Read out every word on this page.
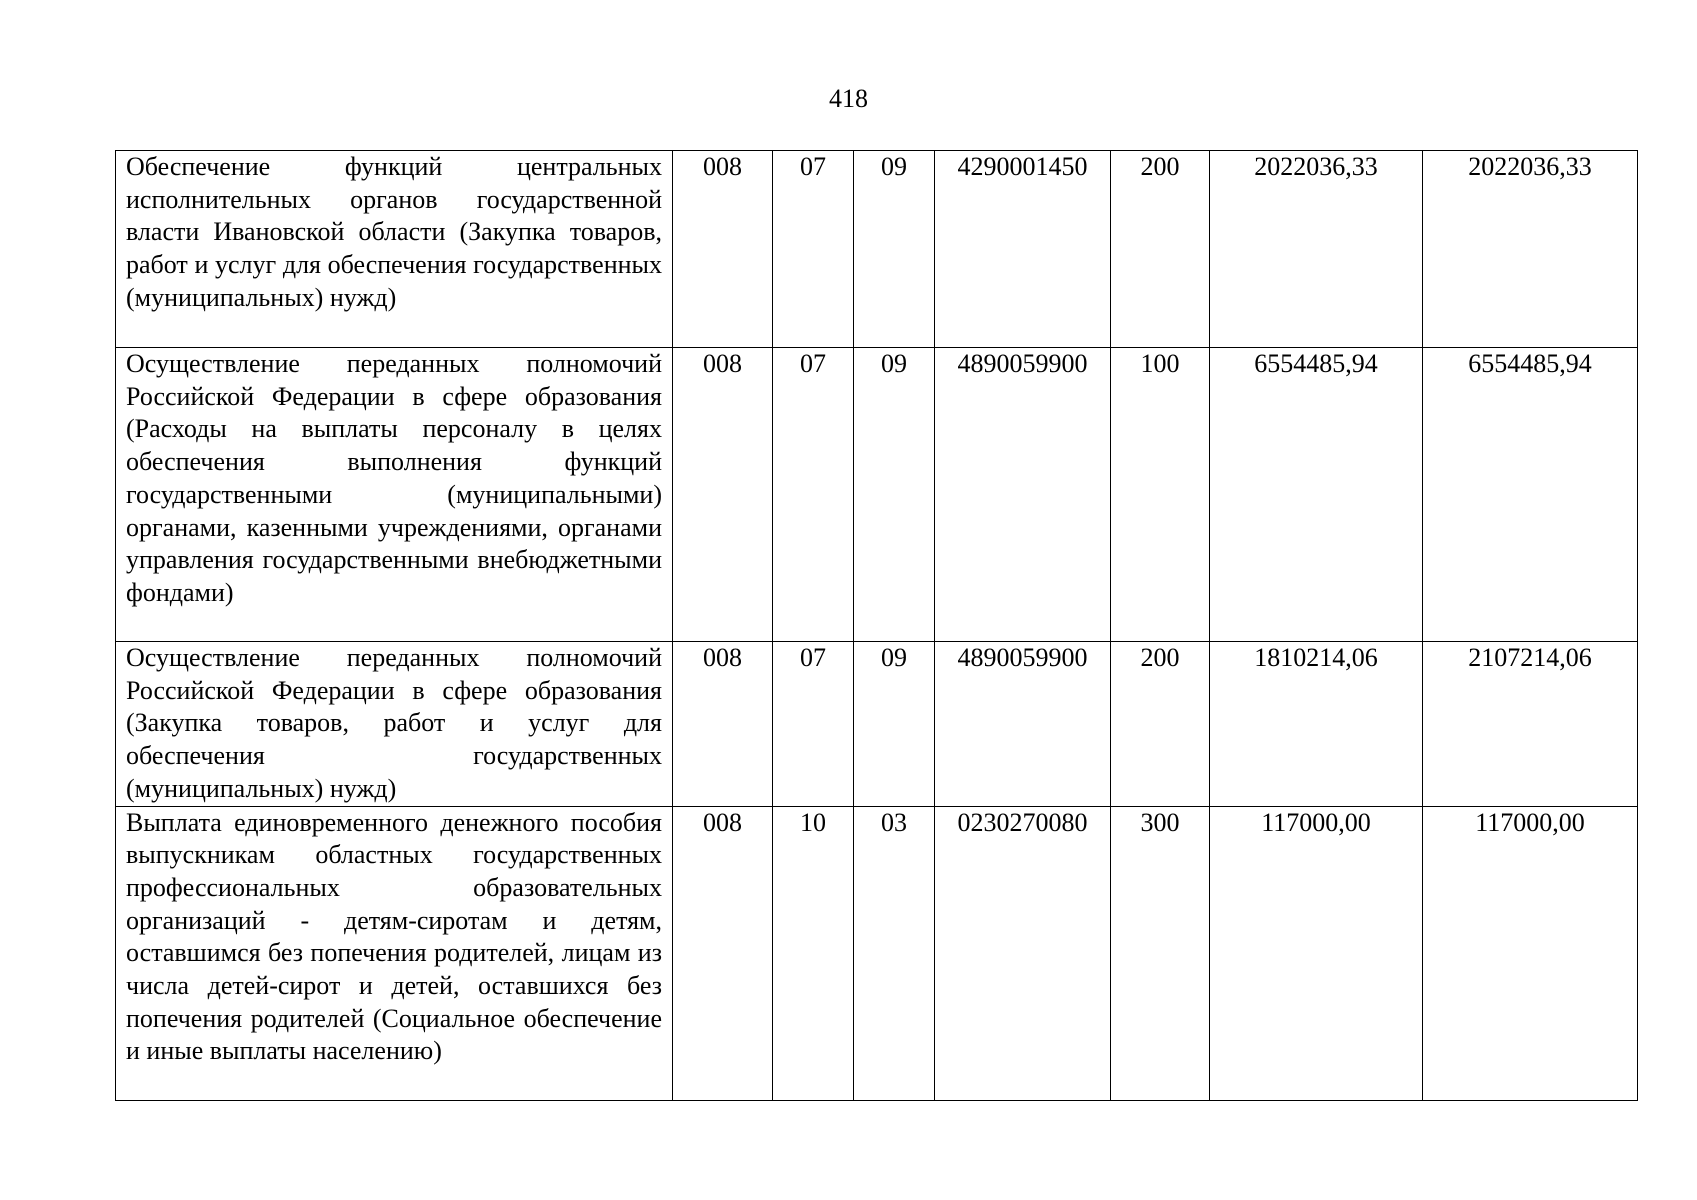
418
Обеспечение функций центральных исполнительных органов государственной власти Ивановской области (Закупка товаров, работ и услуг для обеспечения государственных (муниципальных) нужд)	008	07	09	4290001450	200	2022036,33	2022036,33
Осуществление переданных полномочий Российской Федерации в сфере образования (Расходы на выплаты персоналу в целях обеспечения выполнения функций государственными (муниципальными) органами, казенными учреждениями, органами управления государственными внебюджетными фондами)	008	07	09	4890059900	100	6554485,94	6554485,94
Осуществление переданных полномочий Российской Федерации в сфере образования (Закупка товаров, работ и услуг для обеспечения государственных (муниципальных) нужд)	008	07	09	4890059900	200	1810214,06	2107214,06
Выплата единовременного денежного пособия выпускникам областных государственных профессиональных образовательных организаций - детям-сиротам и детям, оставшимся без попечения родителей, лицам из числа детей-сирот и детей, оставшихся без попечения родителей (Социальное обеспечение и иные выплаты населению)	008	10	03	0230270080	300	117000,00	117000,00
